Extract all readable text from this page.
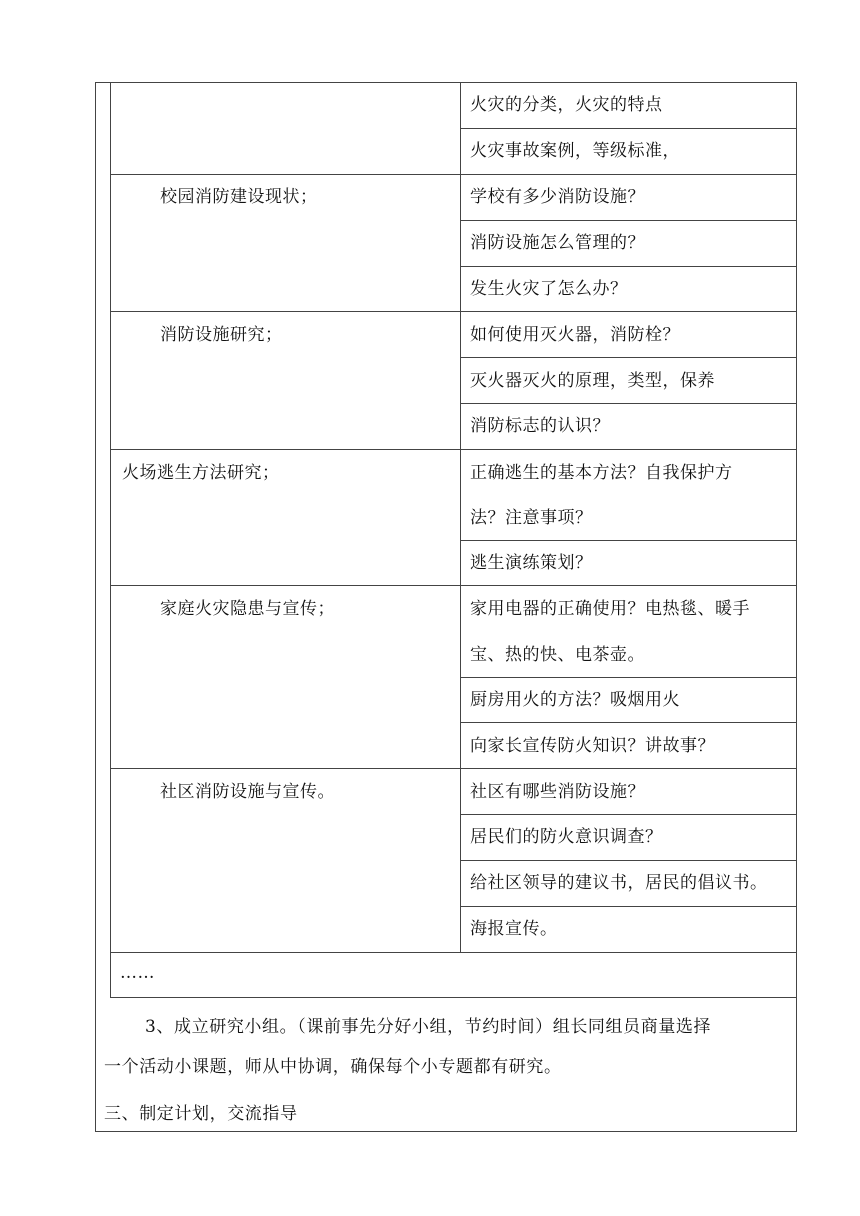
火灾的分类，火灾的特点
火灾事故案例，等级标准，
校园消防建设现状；	学校有多少消防设施？
消防设施怎么管理的？
发生火灾了怎么办？
消防设施研究；	如何使用灭火器，消防栓？
灭火器灭火的原理，类型，保养
消防标志的认识？
火场逃生方法研究；	正确逃生的基本方法？自我保护方
法？注意事项？
逃生演练策划？
家庭火灾隐患与宣传；	家用电器的正确使用？电热毯、暖手
宝、热的快、电茶壶。
厨房用火的方法？吸烟用火
向家长宣传防火知识？讲故事？
社区消防设施与宣传。	社区有哪些消防设施？
居民们的防火意识调查？
给社区领导的建议书，居民的倡议书。
海报宣传。
……
3、成立研究小组。（课前事先分好小组，节约时间）组长同组员商量选择
一个活动小课题，师从中协调，确保每个小专题都有研究。
三、制定计划，交流指导
